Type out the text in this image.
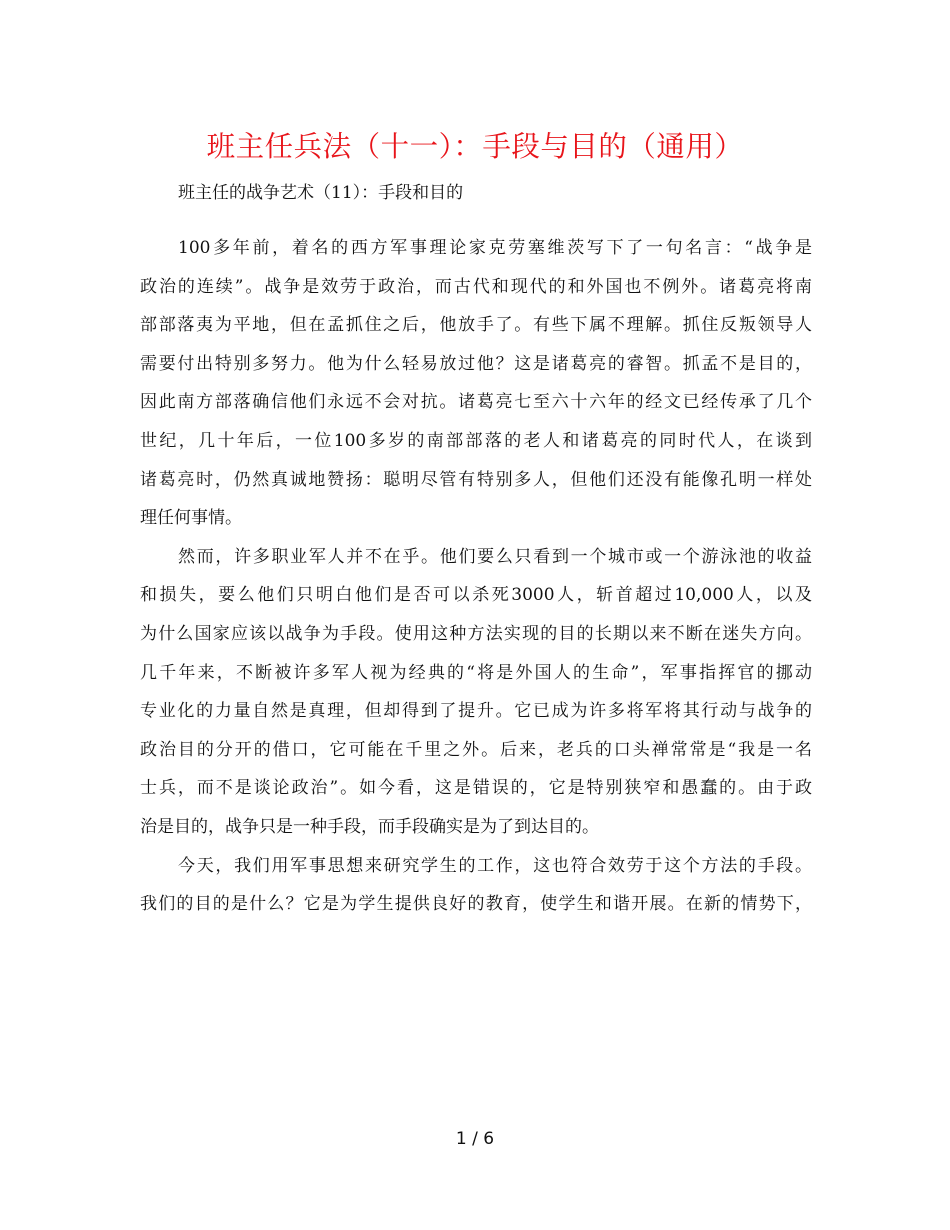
班主任兵法（十一）：手段与目的（通用）
班主任的战争艺术（11）：手段和目的

100多年前，着名的西方军事理论家克劳塞维茨写下了一句名言：“战争是
政治的连续”。战争是效劳于政治，而古代和现代的和外国也不例外。诸葛亮将南
部部落夷为平地，但在孟抓住之后，他放手了。有些下属不理解。抓住反叛领导人
需要付出特别多努力。他为什么轻易放过他？这是诸葛亮的睿智。抓孟不是目的，
因此南方部落确信他们永远不会对抗。诸葛亮七至六十六年的经文已经传承了几个
世纪，几十年后，一位100多岁的南部部落的老人和诸葛亮的同时代人，在谈到
诸葛亮时，仍然真诚地赞扬：聪明尽管有特别多人，但他们还没有能像孔明一样处
理任何事情。

然而，许多职业军人并不在乎。他们要么只看到一个城市或一个游泳池的收益
和损失，要么他们只明白他们是否可以杀死3000人，斩首超过10,000人，以及
为什么国家应该以战争为手段。使用这种方法实现的目的长期以来不断在迷失方向。
几千年来，不断被许多军人视为经典的“将是外国人的生命”，军事指挥官的挪动
专业化的力量自然是真理，但却得到了提升。它已成为许多将军将其行动与战争的
政治目的分开的借口，它可能在千里之外。后来，老兵的口头禅常常是“我是一名
士兵，而不是谈论政治”。如今看，这是错误的，它是特别狭窄和愚蠢的。由于政
治是目的，战争只是一种手段，而手段确实是为了到达目的。

今天，我们用军事思想来研究学生的工作，这也符合效劳于这个方法的手段。
我们的目的是什么？它是为学生提供良好的教育，使学生和谐开展。在新的情势下，

1 / 6
